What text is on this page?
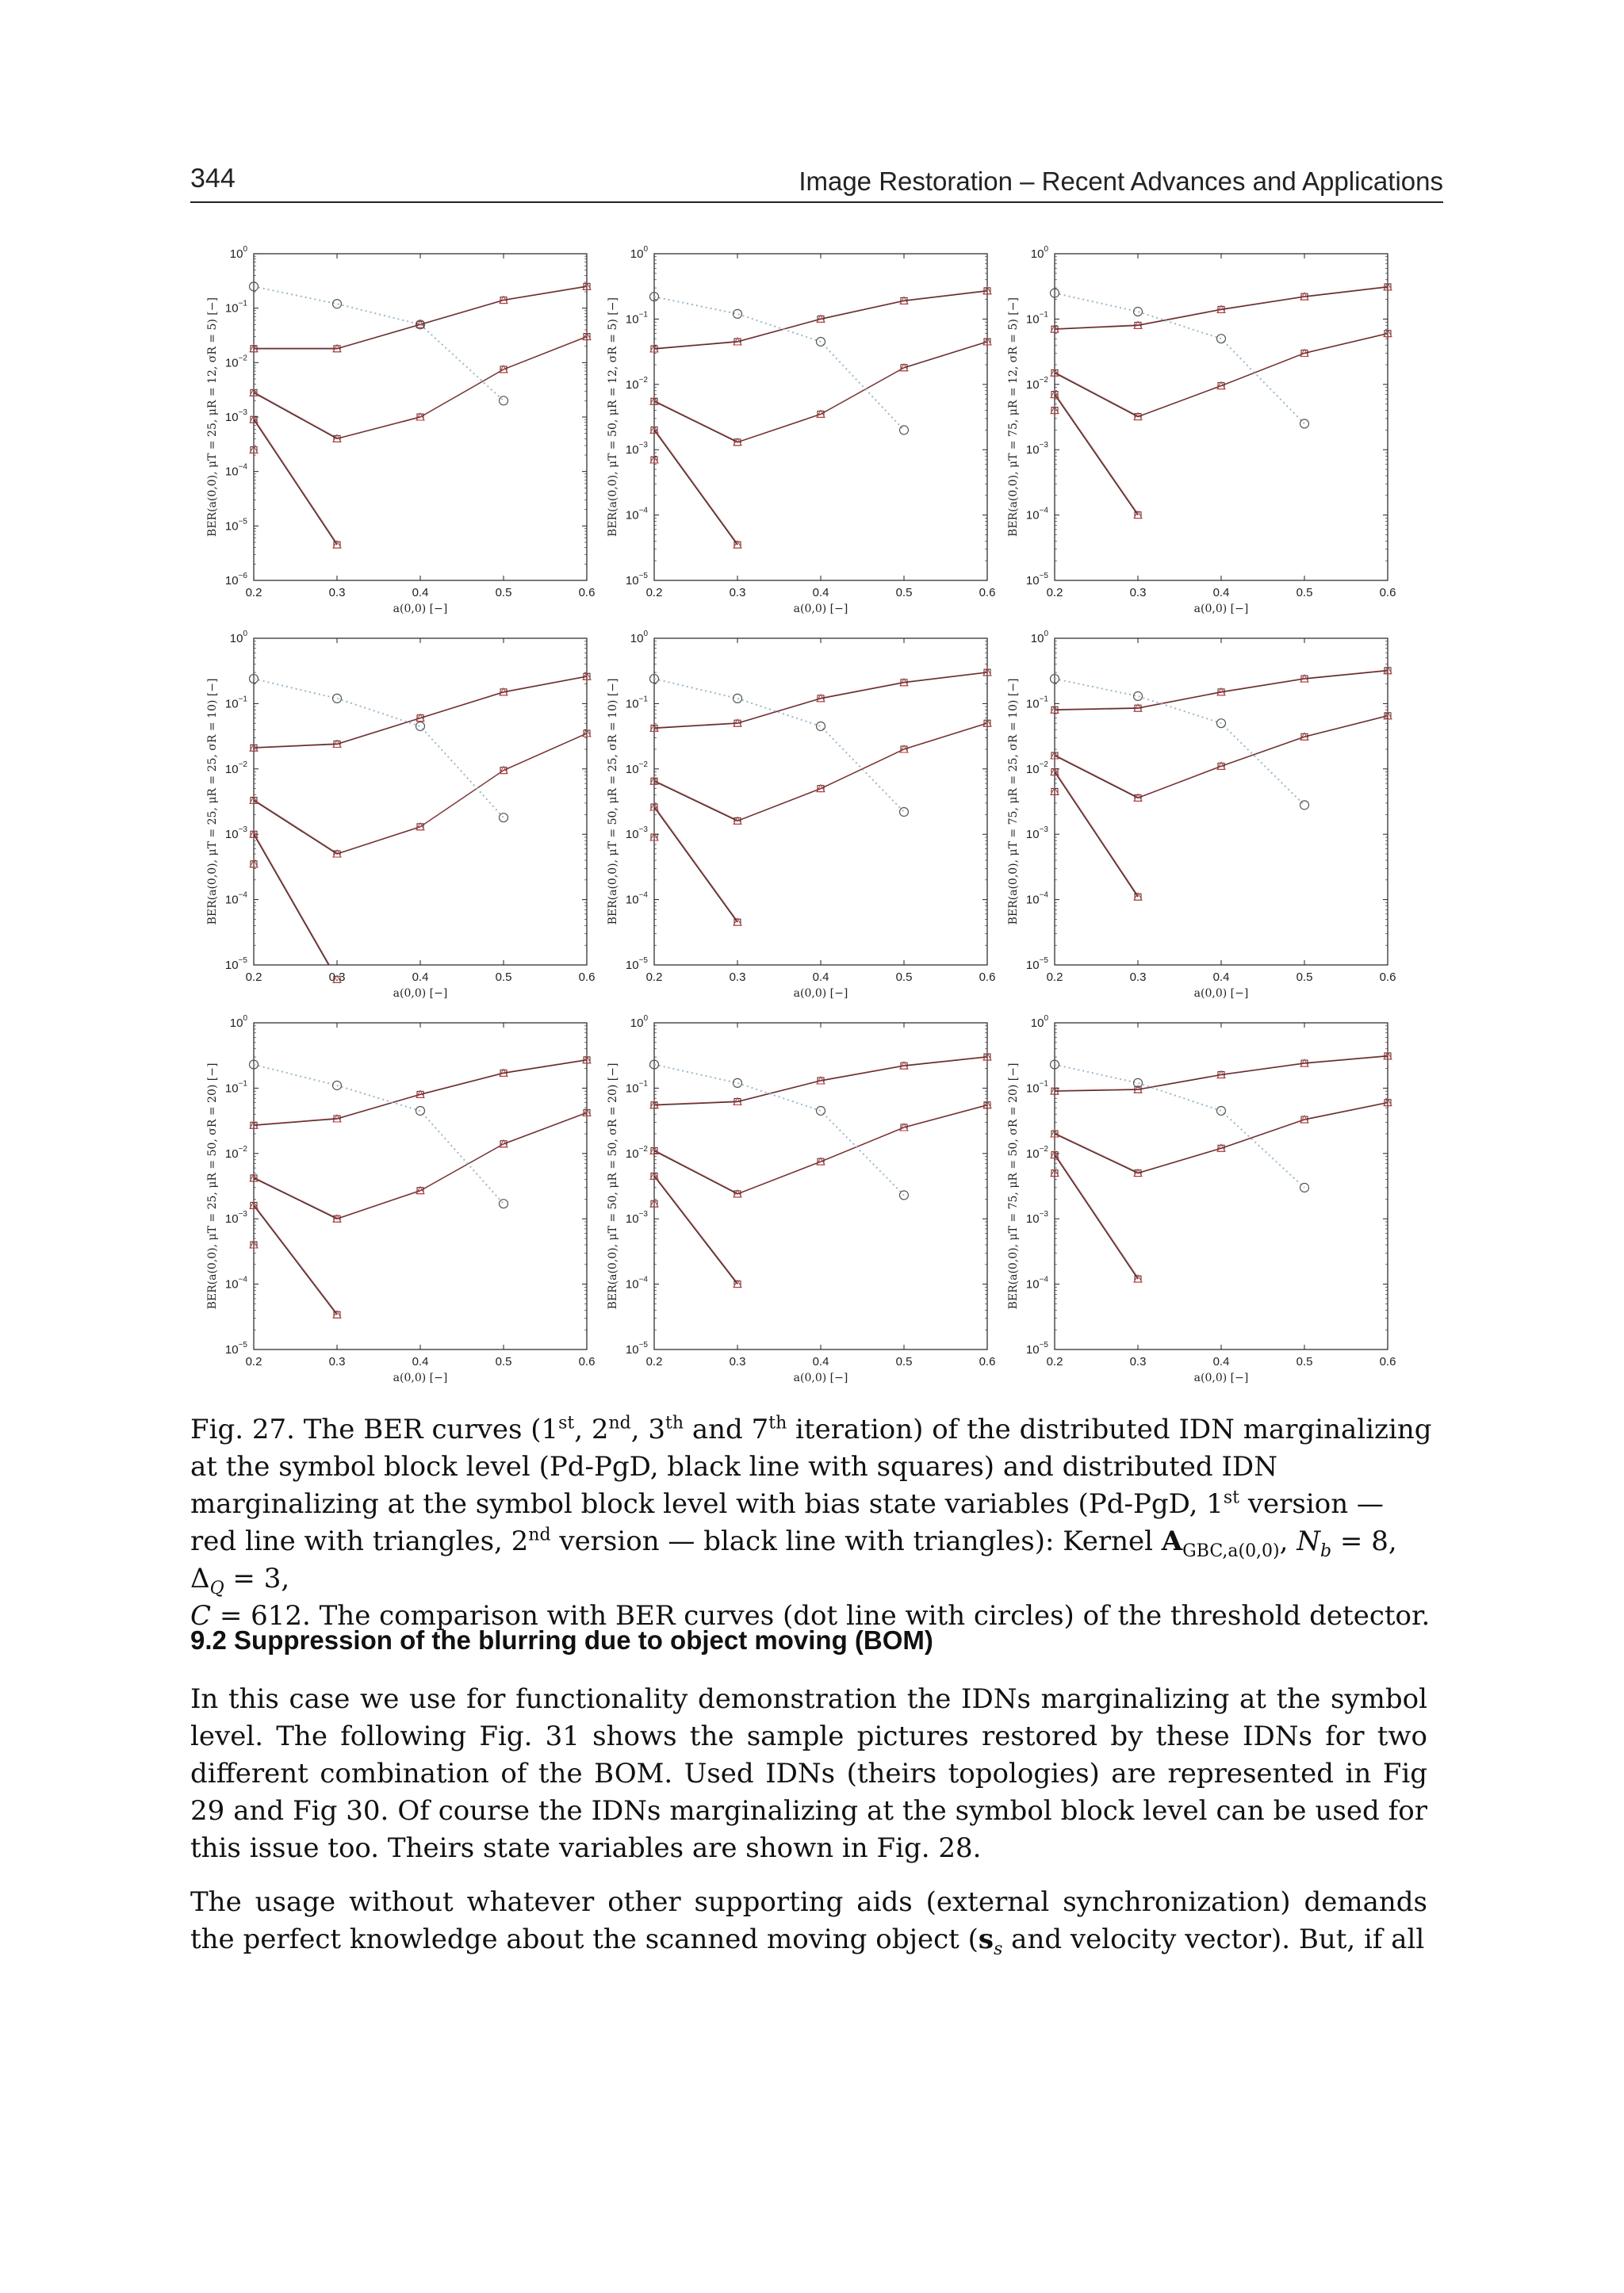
344	Image Restoration – Recent Advances and Applications
$10^{-6}$
$10^{-5}$
$10^{-4}$
$10^{-3}$
$10^{-2}$
$10^{-1}$
$10^0$
0.2	0.3	0.4	0.5	0.6
a(0,0) [−]
BER(a(0,0), μT = 25, μR = 12, σR = 5) [−]
$10^{-5}$
$10^{-4}$
$10^{-3}$
$10^{-2}$
$10^{-1}$
$10^0$
0.2	0.3	0.4	0.5	0.6
a(0,0) [−]
BER(a(0,0), μT = 50, μR = 12, σR = 5) [−]
$10^{-5}$
$10^{-4}$
$10^{-3}$
$10^{-2}$
$10^{-1}$
$10^0$
0.2	0.3	0.4	0.5	0.6
a(0,0) [−]
BER(a(0,0), μT = 75, μR = 12, σR = 5) [−]
$10^{-5}$
$10^{-4}$
$10^{-3}$
$10^{-2}$
$10^{-1}$
$10^0$
0.2	0.3	0.4	0.5	0.6
a(0,0) [−]
BER(a(0,0), μT = 25, μR = 25, σR = 10) [−]
$10^{-5}$
$10^{-4}$
$10^{-3}$
$10^{-2}$
$10^{-1}$
$10^0$
0.2	0.3	0.4	0.5	0.6
a(0,0) [−]
BER(a(0,0), μT = 50, μR = 25, σR = 10) [−]
$10^{-5}$
$10^{-4}$
$10^{-3}$
$10^{-2}$
$10^{-1}$
$10^0$
0.2	0.3	0.4	0.5	0.6
a(0,0) [−]
BER(a(0,0), μT = 75, μR = 25, σR = 10) [−]
$10^{-5}$
$10^{-4}$
$10^{-3}$
$10^{-2}$
$10^{-1}$
$10^0$
0.2	0.3	0.4	0.5	0.6
a(0,0) [−]
BER(a(0,0), μT = 25, μR = 50, σR = 20) [−]
$10^{-5}$
$10^{-4}$
$10^{-3}$
$10^{-2}$
$10^{-1}$
$10^0$
0.2	0.3	0.4	0.5	0.6
a(0,0) [−]
BER(a(0,0), μT = 50, μR = 50, σR = 20) [−]
$10^{-5}$
$10^{-4}$
$10^{-3}$
$10^{-2}$
$10^{-1}$
$10^0$
0.2	0.3	0.4	0.5	0.6
a(0,0) [−]
BER(a(0,0), μT = 75, μR = 50, σR = 20) [−]
Fig. 27. The BER curves (1st, 2nd, 3th and 7th iteration) of the distributed IDN marginalizing at the symbol block level (Pd-PgD, black line with squares) and distributed IDN marginalizing at the symbol block level with bias state variables (Pd-PgD, 1st version — red line with triangles, 2nd version — black line with triangles): Kernel $A_{GBC,a(0,0)}$, $N_b = 8$, $\Delta_Q = 3$,
C = 612. The comparison with BER curves (dot line with circles) of the threshold detector.
9.2 Suppression of the blurring due to object moving (BOM)
In this case we use for functionality demonstration the IDNs marginalizing at the symbol level. The following Fig. 31 shows the sample pictures restored by these IDNs for two different combination of the BOM. Used IDNs (theirs topologies) are represented in Fig 29 and Fig 30. Of course the IDNs marginalizing at the symbol block level can be used for this issue too. Theirs state variables are shown in Fig. 28.
The usage without whatever other supporting aids (external synchronization) demands the perfect knowledge about the scanned moving object ($s_s$ and velocity vector). But, if all
